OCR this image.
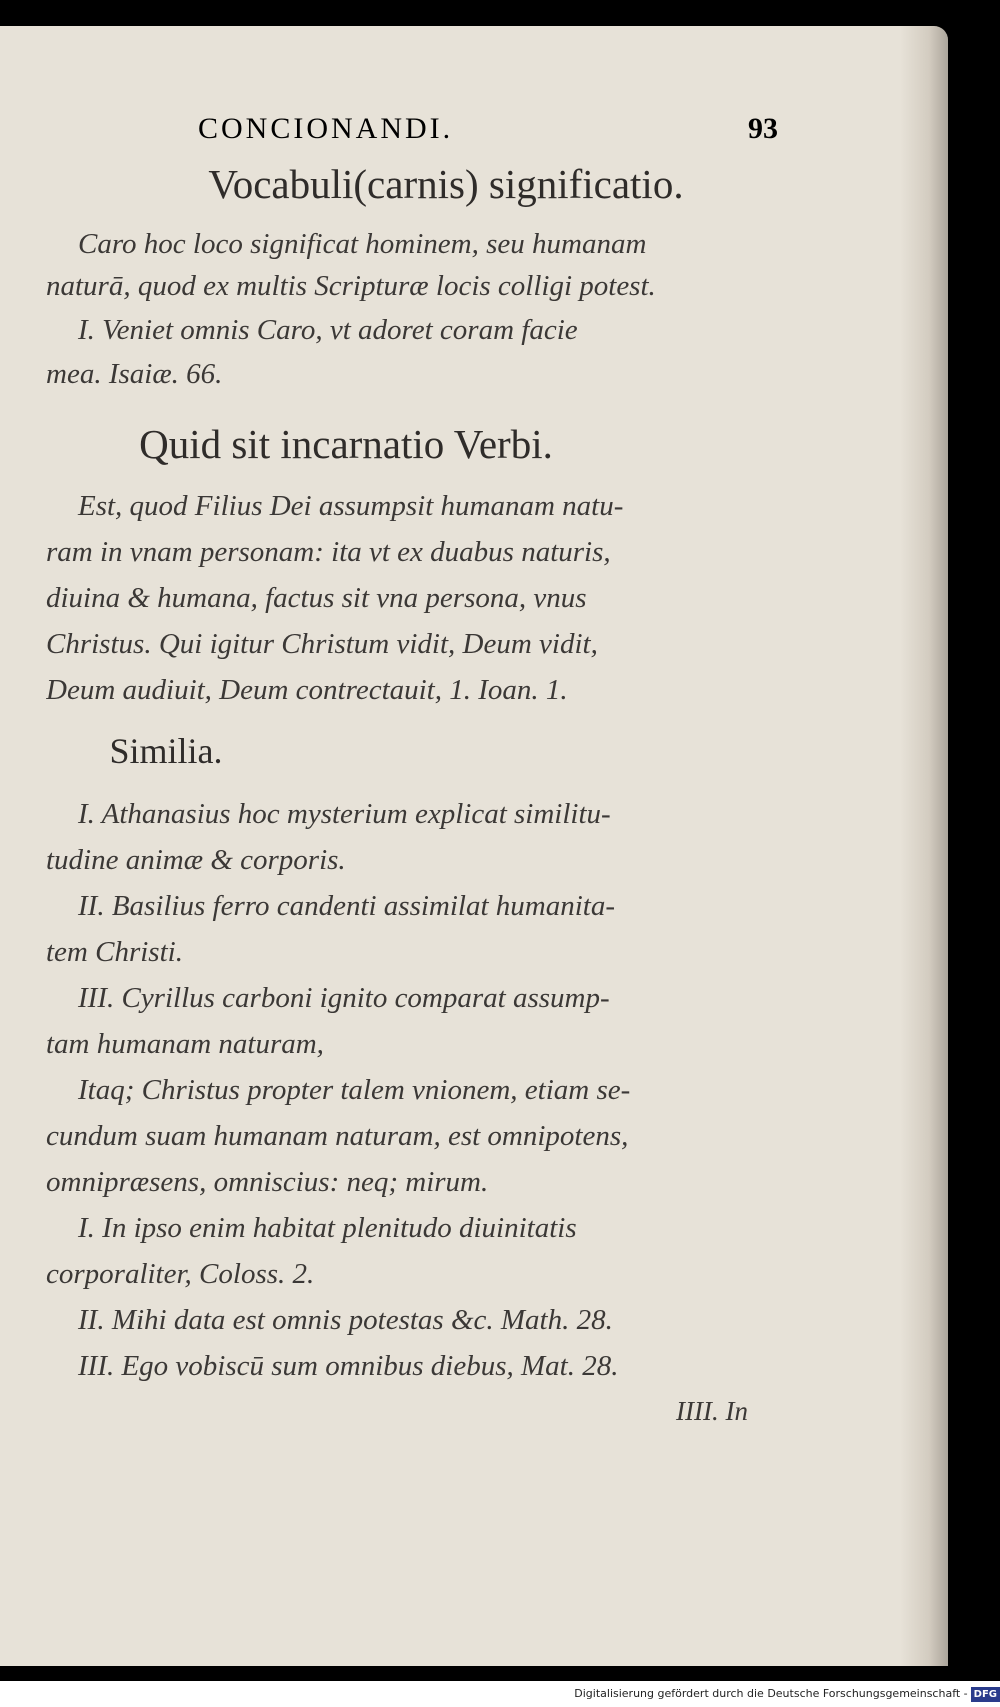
CONCIONANDI.	93
Vocabuli(carnis) significatio.
Caro hoc loco significat hominem, seu humanam
naturā, quod ex multis Scripturæ locis colligi potest.
I. Veniet omnis Caro, vt adoret coram facie
mea. Isaiæ. 66.
Quid sit incarnatio Verbi.
Est, quod Filius Dei assumpsit humanam natu-
ram in vnam personam: ita vt ex duabus naturis,
diuina & humana, factus sit vna persona, vnus
Christus. Qui igitur Christum vidit, Deum vidit,
Deum audiuit, Deum contrectauit, 1. Ioan. 1.
Similia.
I. Athanasius hoc mysterium explicat similitu-
tudine animæ & corporis.
II. Basilius ferro candenti assimilat humanita-
tem Christi.
III. Cyrillus carboni ignito comparat assump-
tam humanam naturam,
Itaq; Christus propter talem vnionem, etiam se-
cundum suam humanam naturam, est omnipotens,
omnipræsens, omniscius: neq; mirum.
I. In ipso enim habitat plenitudo diuinitatis
corporaliter, Coloss. 2.
II. Mihi data est omnis potestas &c. Math. 28.
III. Ego vobiscū sum omnibus diebus, Mat. 28.
IIII. In
Digitalisierung gefördert durch die Deutsche Forschungsgemeinschaft - DFG
